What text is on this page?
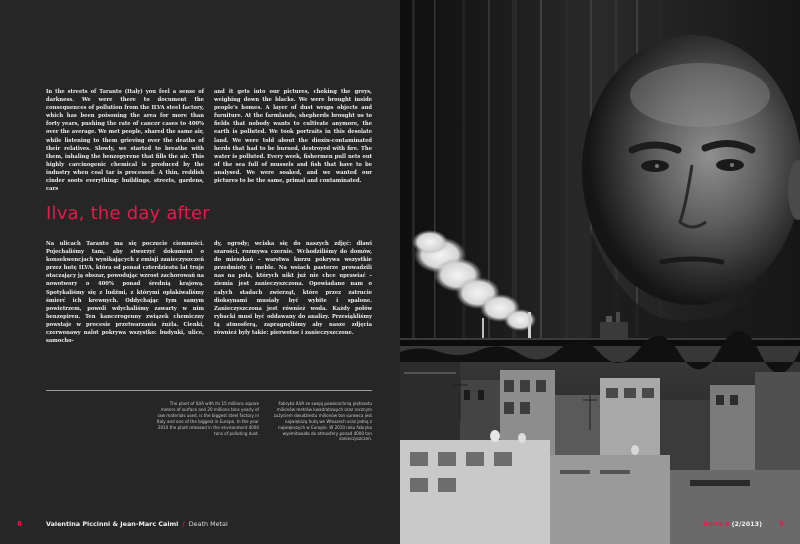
In the streets of Taranto (Italy) you feel a sense of darkness. We were there to document the consequences of pollution from the ILVA steel factory, which has been poisoning the area for more than forty years, pushing the rate of cancer cases to 400% over the average. We met people, shared the same air, while listening to them grieving over the deaths of their relatives. Slowly, we started to breathe with them, inhaling the benzopyrene that fills the air. This highly carcinogenic chemical is produced by the industry when coal tar is processed. A thin, reddish cinder soots everything: buildings, streets, gardens, cars

and it gets into our pictures, choking the greys, weighing down the blacks. We were brought inside people's homes. A layer of dust wraps objects and furniture. At the farmlands, shepherds brought us to fields that nobody wants to cultivate anymore, the earth is polluted. We took portraits in this desolate land. We were told about the dioxin-contaminated herds that had to be burned, destroyed with fire. The water is polluted. Every week, fishermen pull nets out of the sea full of mussels and fish that have to be analysed. We were soaked, and we wanted our pictures to be the same, primal and contaminated.

Ilva, the day after

Na ulicach Taranto ma się poczucie ciemności. Pojechaliśmy tam, aby stworzyć dokument o konsekwencjach wynikających z emisji zanieczyszczeń przez hutę ILVA, która od ponad czterdziestu lat truje otaczający ją obszar, powodując wzrost zachorowań na nowotwory o 400% ponad średnią krajową. Spotykaliśmy się z ludźmi, z którymi opłakiwaliśmy śmierć ich krewnych. Oddychając tym samym powietrzem, powoli wdychaliśmy zawarty w nim benzopiren. Ten kancerogenny związek chemiczny powstaje w procesie przetwarzania żużla. Cienki, czerwonawy nalot pokrywa wszystko: budynki, ulice, samocho-

dy, ogrody; wciska się do naszych zdjęć: dławi szarości, rozmywa czernie. Wchodziliśmy do domów, do mieszkań – warstwa kurzu pokrywa wszystkie przedmioty i meble. Na wsiach pasterze prowadzili nas na pola, których nikt już nie chce uprawiać – ziemia jest zanieczyszczona. Opowiadano nam o całych stadach zwierząt, które przez zatrucie dioksynami musiały być wybite i spalone. Zanieczyszczona jest również woda. Każdy połów rybacki musi być oddawany do analizy. Przesiąkliśmy tą atmosferą, zapragnęliśmy aby nasze zdjęcia również były takie: pierwotne i zanieczyszczone.

The plant of ILVA with its 15 millions square meters of surface and 20 millions tons yearly of raw materials used, is the biggest steel factory in Italy and one of the biggest in Europe. In the year 2010 the plant released in the environment 4000 tons of polluting dust.
Fabryka ILVA ze swoją powierzchnią piętnastu milionów metrów kwadratowych oraz rocznym zużyciem dwudziestu milionów ton surowca jest największą hutą we Włoszech oraz jedną z największych w Europie. W 2010 roku fabryka wyemitowała do atmosfery ponad 4000 ton zanieczyszczeń.
8	Valentina Piccinni & Jean-Marc Caimi / Death Metal	Aorta 6 (2/2013)	9
